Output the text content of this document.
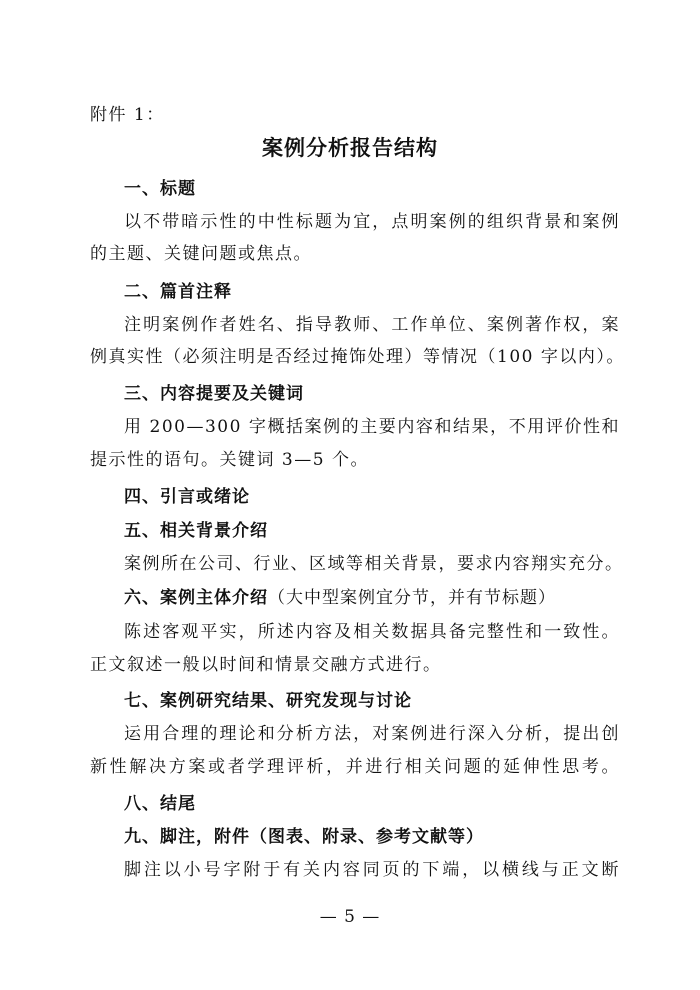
附件 1：
案例分析报告结构
一、标题
以不带暗示性的中性标题为宜，点明案例的组织背景和案例
的主题、关键问题或焦点。
二、篇首注释
注明案例作者姓名、指导教师、工作单位、案例著作权，案
例真实性（必须注明是否经过掩饰处理）等情况（100 字以内）。
三、内容提要及关键词
用 200—300 字概括案例的主要内容和结果，不用评价性和
提示性的语句。关键词 3—5 个。
四、引言或绪论
五、相关背景介绍
案例所在公司、行业、区域等相关背景，要求内容翔实充分。
六、案例主体介绍（大中型案例宜分节，并有节标题）
陈述客观平实，所述内容及相关数据具备完整性和一致性。
正文叙述一般以时间和情景交融方式进行。
七、案例研究结果、研究发现与讨论
运用合理的理论和分析方法，对案例进行深入分析，提出创
新性解决方案或者学理评析，并进行相关问题的延伸性思考。
八、结尾
九、脚注，附件（图表、附录、参考文献等）
脚注以小号字附于有关内容同页的下端，以横线与正文断
— 5 —
